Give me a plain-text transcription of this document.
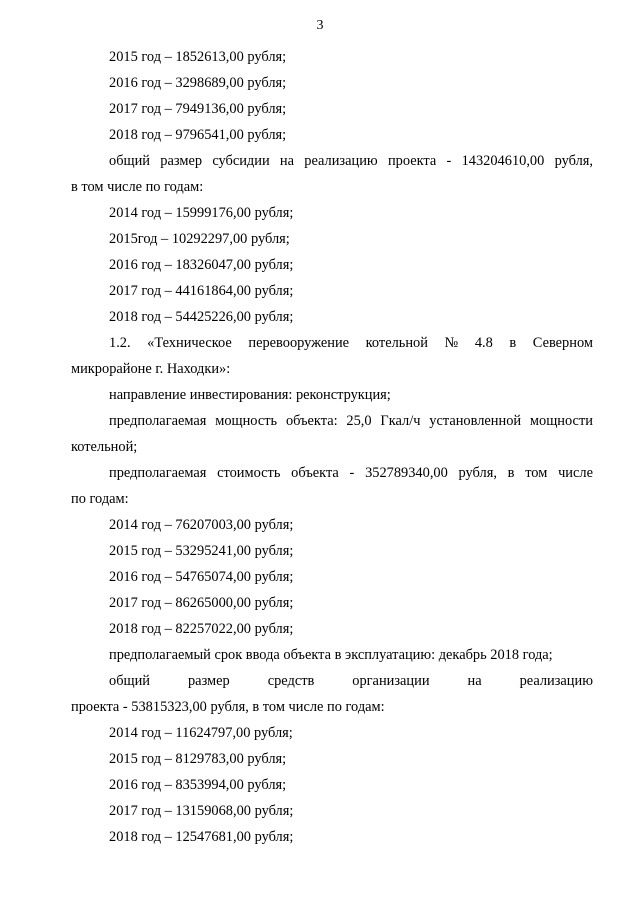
3
2015 год – 1852613,00 рубля;
2016 год – 3298689,00 рубля;
2017 год – 7949136,00 рубля;
2018 год – 9796541,00 рубля;
общий размер субсидии на реализацию проекта - 143204610,00 рубля,
в том числе по годам:
2014 год – 15999176,00 рубля;
2015год – 10292297,00 рубля;
2016 год – 18326047,00 рубля;
2017 год – 44161864,00 рубля;
2018 год – 54425226,00 рубля;
1.2. «Техническое перевооружение котельной № 4.8 в Северном
микрорайоне г. Находки»:
направление инвестирования: реконструкция;
предполагаемая мощность объекта: 25,0 Гкал/ч установленной мощности
котельной;
предполагаемая стоимость объекта - 352789340,00 рубля, в том числе
по годам:
2014 год – 76207003,00 рубля;
2015 год – 53295241,00 рубля;
2016 год – 54765074,00 рубля;
2017 год – 86265000,00 рубля;
2018 год – 82257022,00 рубля;
предполагаемый срок ввода объекта в эксплуатацию: декабрь 2018 года;
общий	размер	средств	организации	на	реализацию
проекта - 53815323,00 рубля, в том числе по годам:
2014 год – 11624797,00 рубля;
2015 год – 8129783,00 рубля;
2016 год – 8353994,00 рубля;
2017 год – 13159068,00 рубля;
2018 год – 12547681,00 рубля;
